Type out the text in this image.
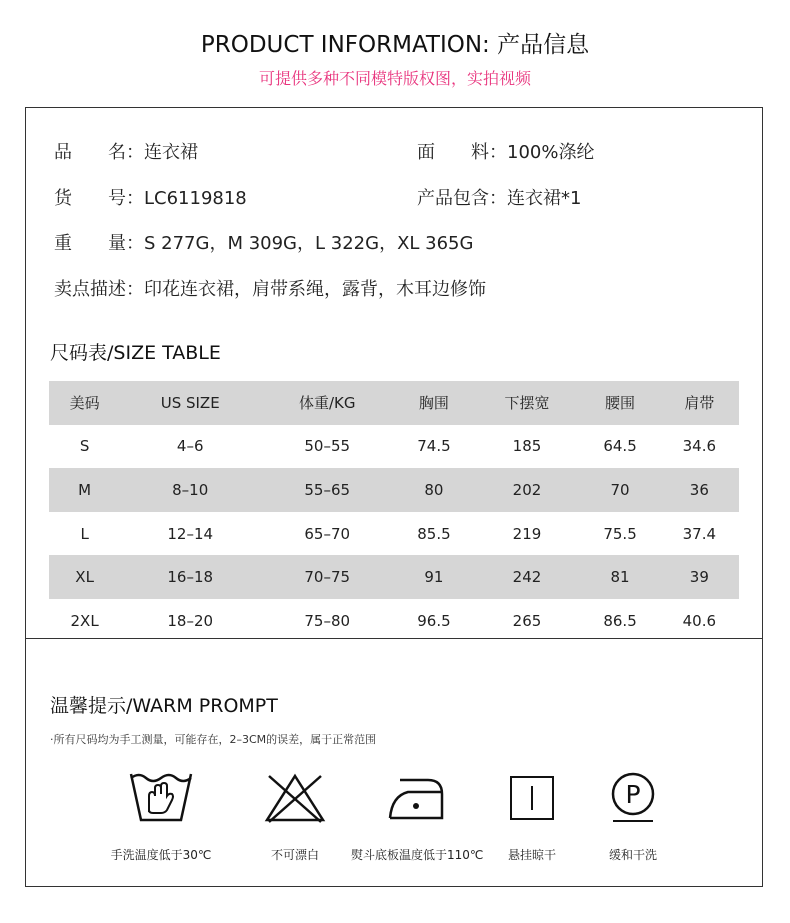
PRODUCT INFORMATION: 产品信息
可提供多种不同模特版权图，实拍视频
品　　名：连衣裙	面　　料：100%涤纶
货　　号：LC6119818	产品包含：连衣裙*1
重　　量：S 277G，M 309G，L 322G，XL 365G
卖点描述：印花连衣裙，肩带系绳，露背，木耳边修饰
尺码表/SIZE TABLE
美码	US SIZE	体重/KG	胸围	下摆宽	腰围	肩带
S	4–6	50–55	74.5	185	64.5	34.6
M	8–10	55–65	80	202	70	36
L	12–14	65–70	85.5	219	75.5	37.4
XL	16–18	70–75	91	242	81	39
2XL	18–20	75–80	96.5	265	86.5	40.6
温馨提示/WARM PROMPT
·所有尺码均为手工测量，可能存在，2–3CM的误差，属于正常范围
手洗温度低于30℃	不可漂白	熨斗底板温度低于110℃	悬挂晾干
P
缓和干洗
